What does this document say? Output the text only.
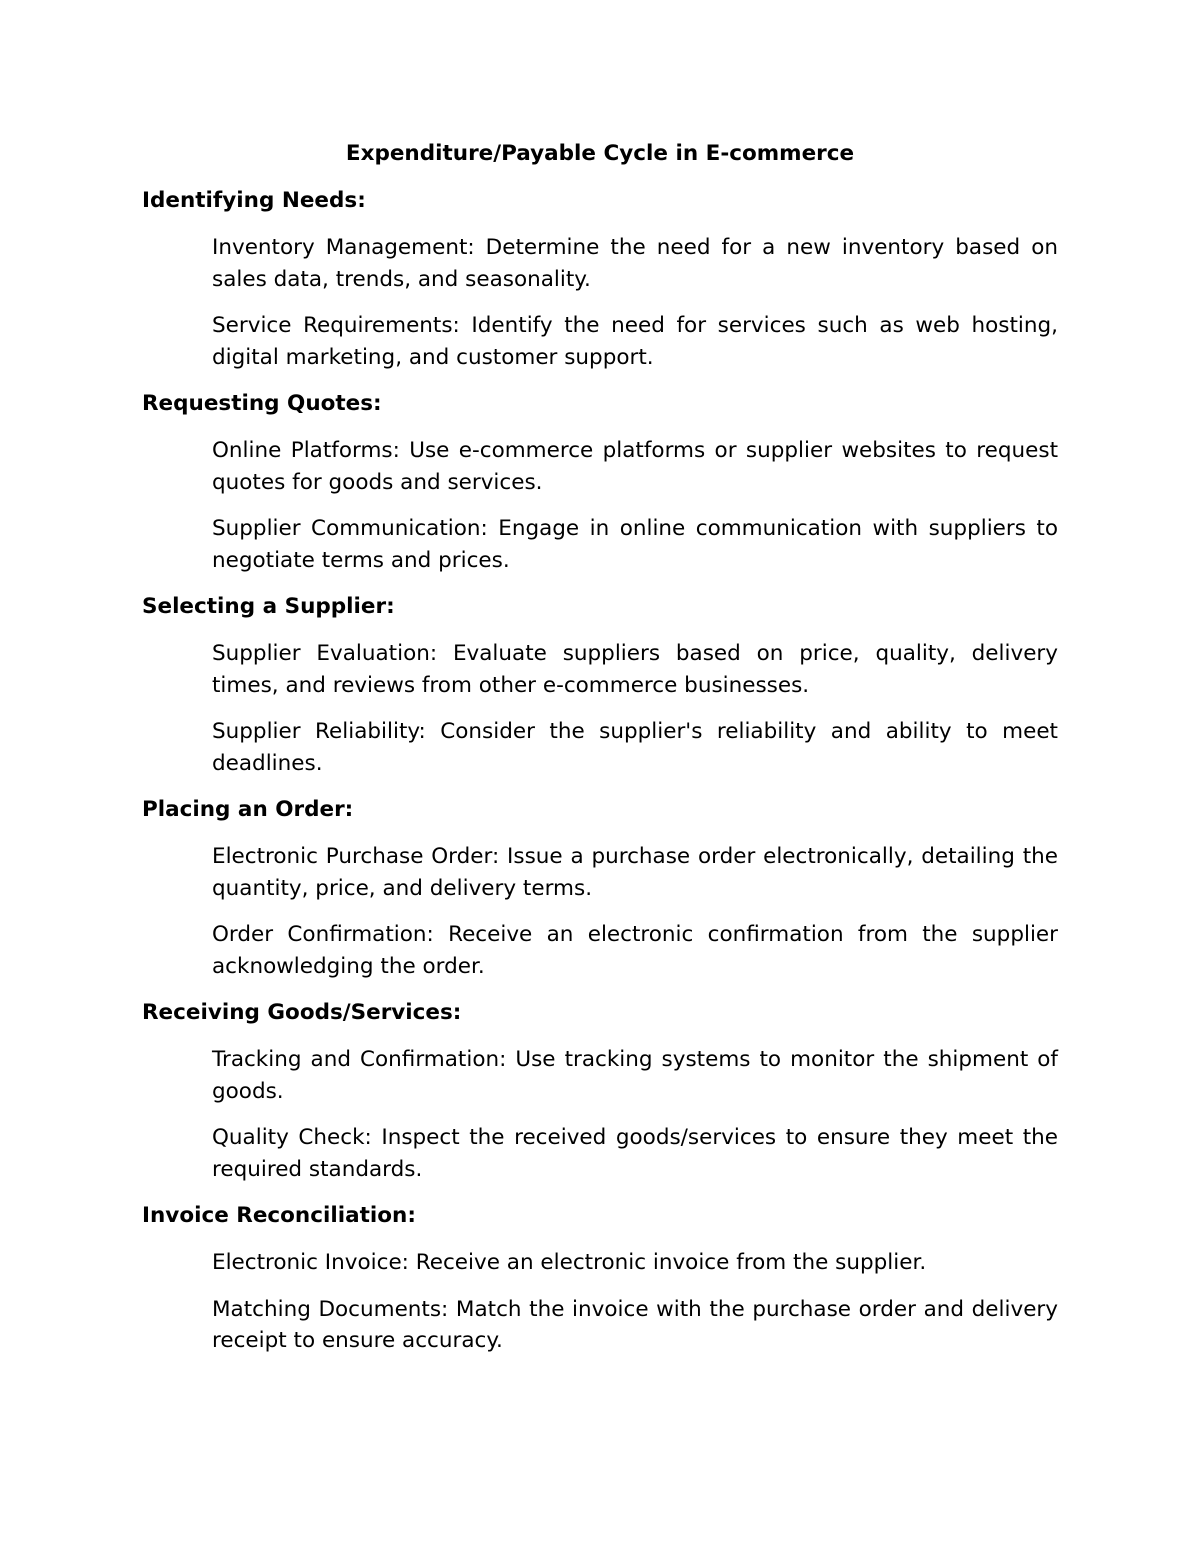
Expenditure/Payable Cycle in E-commerce
Identifying Needs:

Inventory Management: Determine the need for a new inventory based on sales data, trends, and seasonality.

Service Requirements: Identify the need for services such as web hosting, digital marketing, and customer support.

Requesting Quotes:

Online Platforms: Use e-commerce platforms or supplier websites to request quotes for goods and services.

Supplier Communication: Engage in online communication with suppliers to negotiate terms and prices.

Selecting a Supplier:

Supplier Evaluation: Evaluate suppliers based on price, quality, delivery times, and reviews from other e-commerce businesses.

Supplier Reliability: Consider the supplier's reliability and ability to meet deadlines.

Placing an Order:

Electronic Purchase Order: Issue a purchase order electronically, detailing the quantity, price, and delivery terms.

Order Confirmation: Receive an electronic confirmation from the supplier acknowledging the order.

Receiving Goods/Services:

Tracking and Confirmation: Use tracking systems to monitor the shipment of goods.

Quality Check: Inspect the received goods/services to ensure they meet the required standards.

Invoice Reconciliation:

Electronic Invoice: Receive an electronic invoice from the supplier.

Matching Documents: Match the invoice with the purchase order and delivery receipt to ensure accuracy.
